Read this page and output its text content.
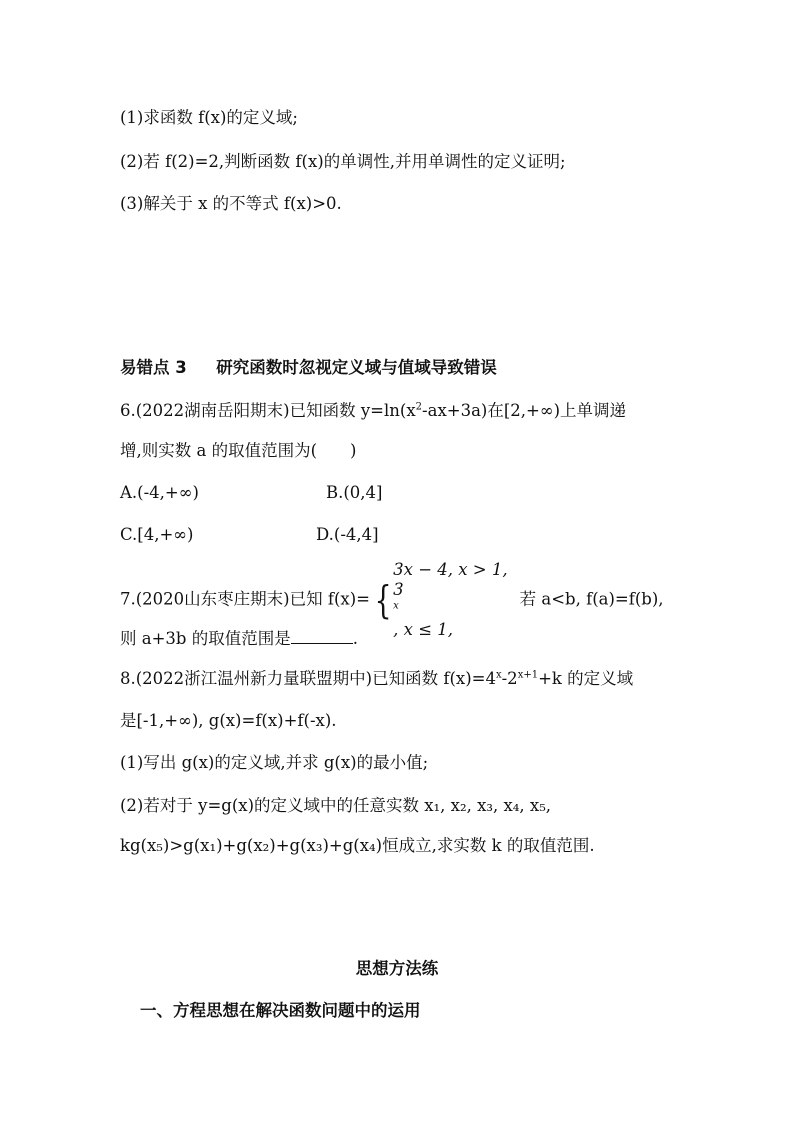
(1)求函数 f(x)的定义域;
(2)若 f(2)=2,判断函数 f(x)的单调性,并用单调性的定义证明;
(3)解关于 x 的不等式 f(x)>0.
易错点 3 研究函数时忽视定义域与值域导致错误
6.(2022湖南岳阳期末)已知函数 $y=\ln(x^2-ax+3a)$在[2,+∞)上单调递
增,则实数 a 的取值范围为(　　)
A.(-4,+∞)	B.(0,4]
C.[4,+∞)	D.(-4,4]
7.(2020山东枣庄期末)已知 f(x)= {
3x − 4, x > 1,
3
$^x$
, x ≤ 1,
若 a<b, f(a)=f(b),
则 a+3b 的取值范围是	.
8.(2022浙江温州新力量联盟期中)已知函数 $f(x)=4^x-2^{x+1}+k$ 的定义域
是[-1,+∞), g(x)=f(x)+f(-x).
(1)写出 g(x)的定义域,并求 g(x)的最小值;
(2)若对于 y=g(x)的定义域中的任意实数 x₁, x₂, x₃, x₄, x₅,
kg(x₅)>g(x₁)+g(x₂)+g(x₃)+g(x₄)恒成立,求实数 k 的取值范围.
思想方法练
一、方程思想在解决函数问题中的运用
